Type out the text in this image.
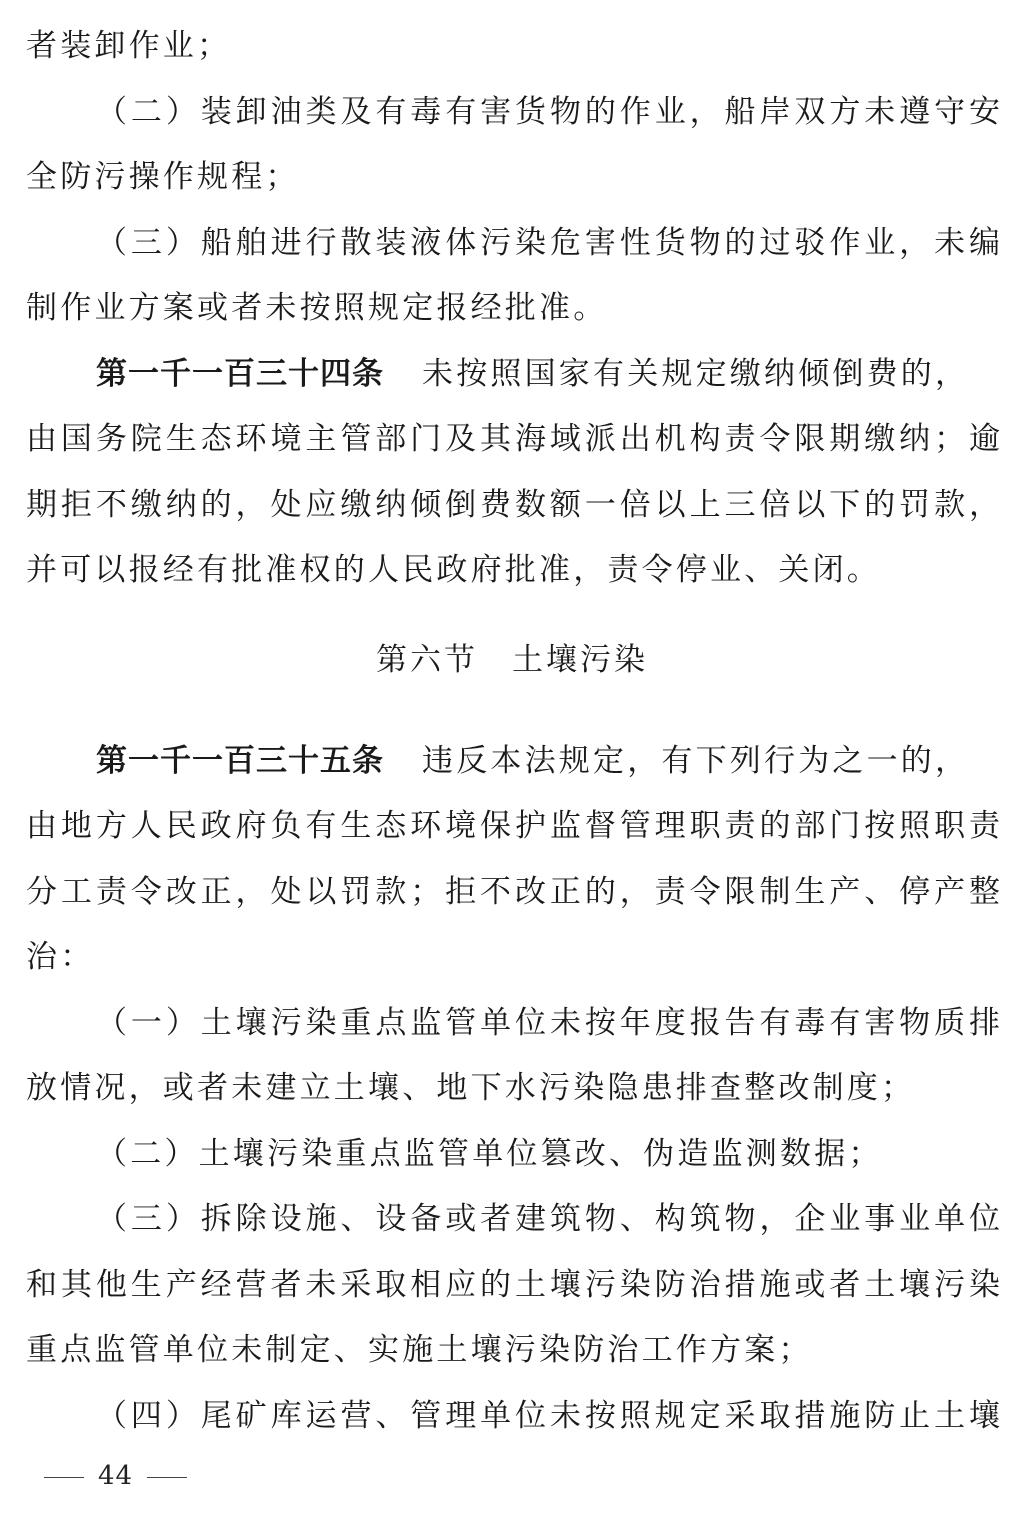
者装卸作业；
（二）装卸油类及有毒有害货物的作业，船岸双方未遵守安
全防污操作规程；
（三）船舶进行散装液体污染危害性货物的过驳作业，未编
制作业方案或者未按照规定报经批准。
第一千一百三十四条 未按照国家有关规定缴纳倾倒费的，
由国务院生态环境主管部门及其海域派出机构责令限期缴纳；逾
期拒不缴纳的，处应缴纳倾倒费数额一倍以上三倍以下的罚款，
并可以报经有批准权的人民政府批准，责令停业、关闭。
第六节 土壤污染
第一千一百三十五条 违反本法规定，有下列行为之一的，
由地方人民政府负有生态环境保护监督管理职责的部门按照职责
分工责令改正，处以罚款；拒不改正的，责令限制生产、停产整
治：
（一）土壤污染重点监管单位未按年度报告有毒有害物质排
放情况，或者未建立土壤、地下水污染隐患排查整改制度；
（二）土壤污染重点监管单位篡改、伪造监测数据；
（三）拆除设施、设备或者建筑物、构筑物，企业事业单位
和其他生产经营者未采取相应的土壤污染防治措施或者土壤污染
重点监管单位未制定、实施土壤污染防治工作方案；
（四）尾矿库运营、管理单位未按照规定采取措施防止土壤
44
